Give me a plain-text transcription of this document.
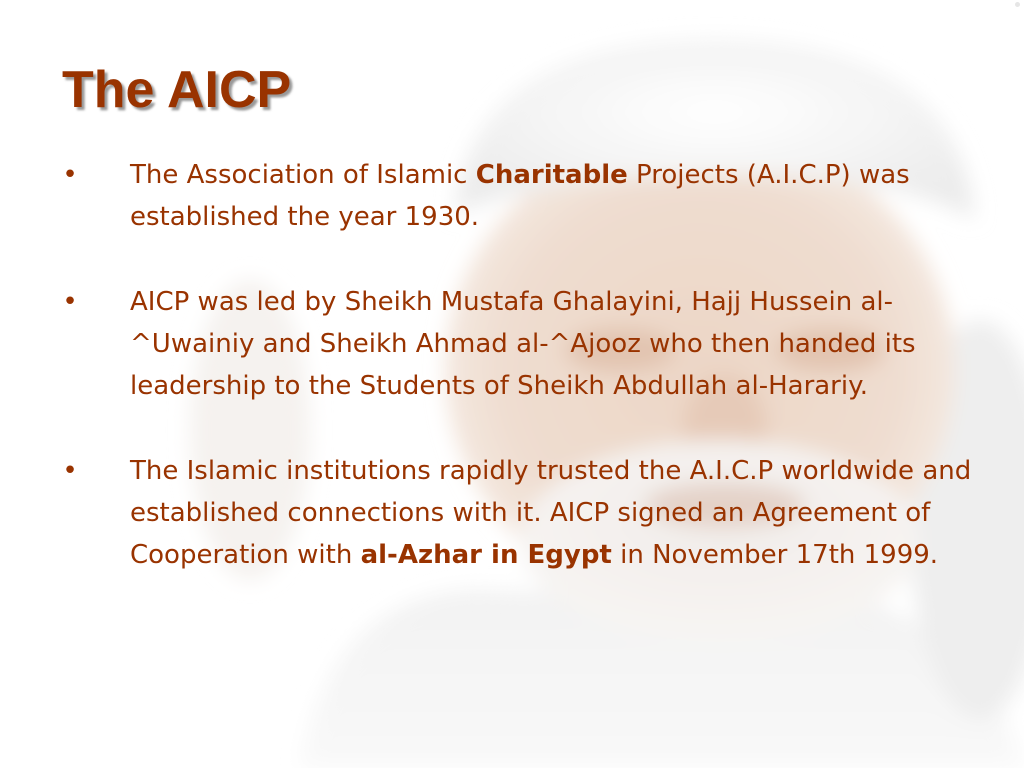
The AICP
• The Association of Islamic Charitable Projects (A.I.C.P) was established the year 1930.
• AICP was led by Sheikh Mustafa Ghalayini, Hajj Hussein al-^Uwainiy and Sheikh Ahmad al-^Ajooz who then handed its leadership to the Students of Sheikh Abdullah al-Harariy.
• The Islamic institutions rapidly trusted the A.I.C.P worldwide and established connections with it. AICP signed an Agreement of Cooperation with al-Azhar in Egypt in November 17th 1999.
